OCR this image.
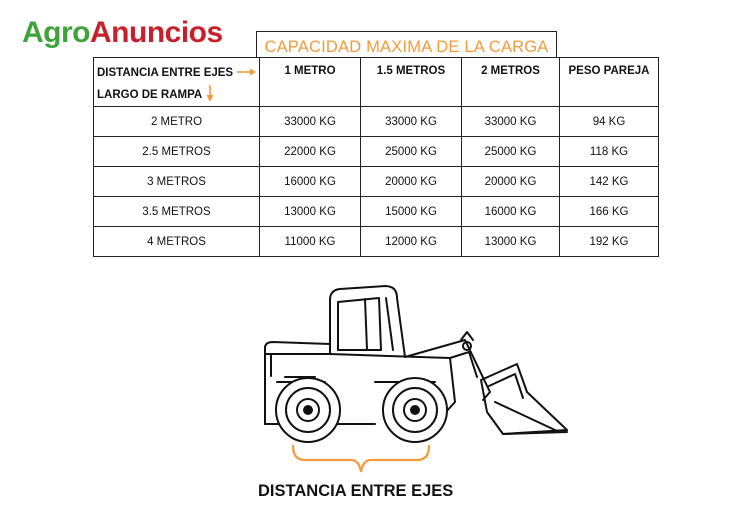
AgroAnuncios	CAPACIDAD MAXIMA DE LA CARGA
DISTANCIA ENTRE EJES
LARGO DE RAMPA	1 METRO	1.5 METROS	2 METROS	PESO PAREJA
2 METRO	33000 KG	33000 KG	33000 KG	94 KG
2.5 METROS	22000 KG	25000 KG	25000 KG	118 KG
3 METROS	16000 KG	20000 KG	20000 KG	142 KG
3.5 METROS	13000 KG	15000 KG	16000 KG	166 KG
4 METROS	11000 KG	12000 KG	13000 KG	192 KG
DISTANCIA ENTRE EJES
